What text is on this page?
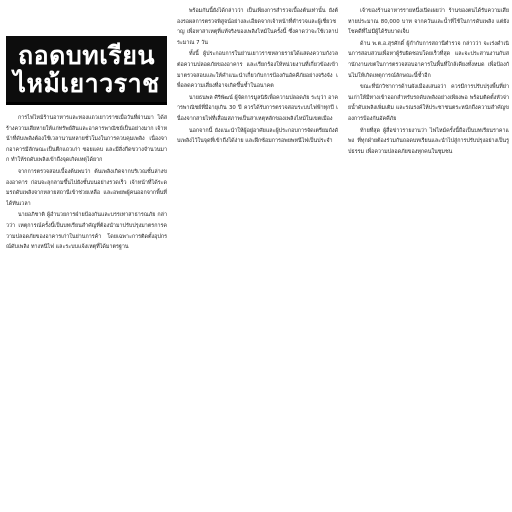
ถอดบทเรียน
ไหม้เยาวราช

การไฟไหม้ร้านอาหารและทองแถวเยาวราชเมื่อวันที่ผ่านมา ได้สร้างความเสียหายให้แก่ทรัพย์สินและอาคารพาณิชย์เป็นอย่างมาก เจ้าหน้าที่ดับเพลิงต้องใช้เวลานานหลายชั่วโมงในการควบคุมเพลิง เนื่องจากอาคารมีลักษณะเป็นตึกแถวเก่า ซอยแคบ และมีสิ่งกีดขวางจำนวนมาก ทำให้รถดับเพลิงเข้าถึงจุดเกิดเหตุได้ยาก

จากการตรวจสอบเบื้องต้นพบว่า ต้นเพลิงเกิดจากบริเวณชั้นล่างของอาคาร ก่อนจะลุกลามขึ้นไปยังชั้นบนอย่างรวดเร็ว เจ้าหน้าที่ได้ระดมรถดับเพลิงจากหลายสถานีเข้าช่วยเหลือ และอพยพผู้คนออกจากพื้นที่ได้ทันเวลา

นายอภิชาติ ผู้อำนวยการฝ่ายป้องกันและบรรเทาสาธารณภัย กล่าวว่า เหตุการณ์ครั้งนี้เป็นบทเรียนสำคัญที่ต้องนำมาปรับปรุงมาตรการความปลอดภัยของอาคารเก่าในย่านการค้า โดยเฉพาะการติดตั้งอุปกรณ์ดับเพลิง ทางหนีไฟ และระบบแจ้งเหตุที่ได้มาตรฐาน

พร้อมกันนี้ยังได้กล่าวว่า เป็นเพียงการสำรวจเบื้องต้นเท่านั้น ยังต้องรอผลการตรวจพิสูจน์อย่างละเอียดจากเจ้าหน้าที่ตำรวจและผู้เชี่ยวชาญ เพื่อหาสาเหตุที่แท้จริงของเพลิงไหม้ในครั้งนี้ ซึ่งคาดว่าจะใช้เวลาประมาณ 7 วัน

ทั้งนี้ ผู้ประกอบการในย่านเยาวราชหลายรายได้แสดงความกังวลต่อความปลอดภัยของอาคาร และเรียกร้องให้หน่วยงานที่เกี่ยวข้องเข้ามาตรวจสอบและให้คำแนะนำเกี่ยวกับการป้องกันอัคคีภัยอย่างจริงจัง เพื่อลดความเสี่ยงที่อาจเกิดขึ้นซ้ำในอนาคต

นายธนพล ศิริพัฒน์ ผู้จัดการมูลนิธิเพื่อความปลอดภัย ระบุว่า อาคารพาณิชย์ที่มีอายุเกิน 30 ปี ควรได้รับการตรวจสอบระบบไฟฟ้าทุกปี เนื่องจากสายไฟที่เสื่อมสภาพเป็นสาเหตุหลักของเพลิงไหม้ในเขตเมือง

นอกจากนี้ ยังแนะนำให้ผู้อยู่อาศัยและผู้ประกอบการจัดเตรียมถังดับเพลิงไว้ในจุดที่เข้าถึงได้ง่าย และฝึกซ้อมการอพยพหนีไฟเป็นประจำ

เจ้าของร้านอาหารรายหนึ่งเปิดเผยว่า ร้านของตนได้รับความเสียหายประมาณ 80,000 บาท จากควันและน้ำที่ใช้ในการดับเพลิง แต่ยังโชคดีที่ไม่มีผู้ได้รับบาดเจ็บ

ด้าน พ.ต.อ.สุรศักดิ์ ผู้กำกับการสถานีตำรวจ กล่าวว่า จะเร่งดำเนินการสอบสวนเพื่อหาผู้รับผิดชอบโดยเร็วที่สุด และจะประสานงานกับสำนักงานเขตในการตรวจสอบอาคารในพื้นที่ใกล้เคียงทั้งหมด เพื่อป้องกันไม่ให้เกิดเหตุการณ์ลักษณะนี้ซ้ำอีก

ขณะที่นักวิชาการด้านผังเมืองเสนอว่า ควรมีการปรับปรุงพื้นที่ย่านเก่าให้มีทางเข้าออกสำหรับรถดับเพลิงอย่างเพียงพอ พร้อมติดตั้งหัวจ่ายน้ำดับเพลิงเพิ่มเติม และรณรงค์ให้ประชาชนตระหนักถึงความสำคัญของการป้องกันอัคคีภัย

ท้ายที่สุด ผู้สื่อข่าวรายงานว่า ไฟไหม้ครั้งนี้ถือเป็นบทเรียนราคาแพง ที่ทุกฝ่ายต้องร่วมกันถอดบทเรียนและนำไปสู่การปรับปรุงอย่างเป็นรูปธรรม เพื่อความปลอดภัยของทุกคนในชุมชน
